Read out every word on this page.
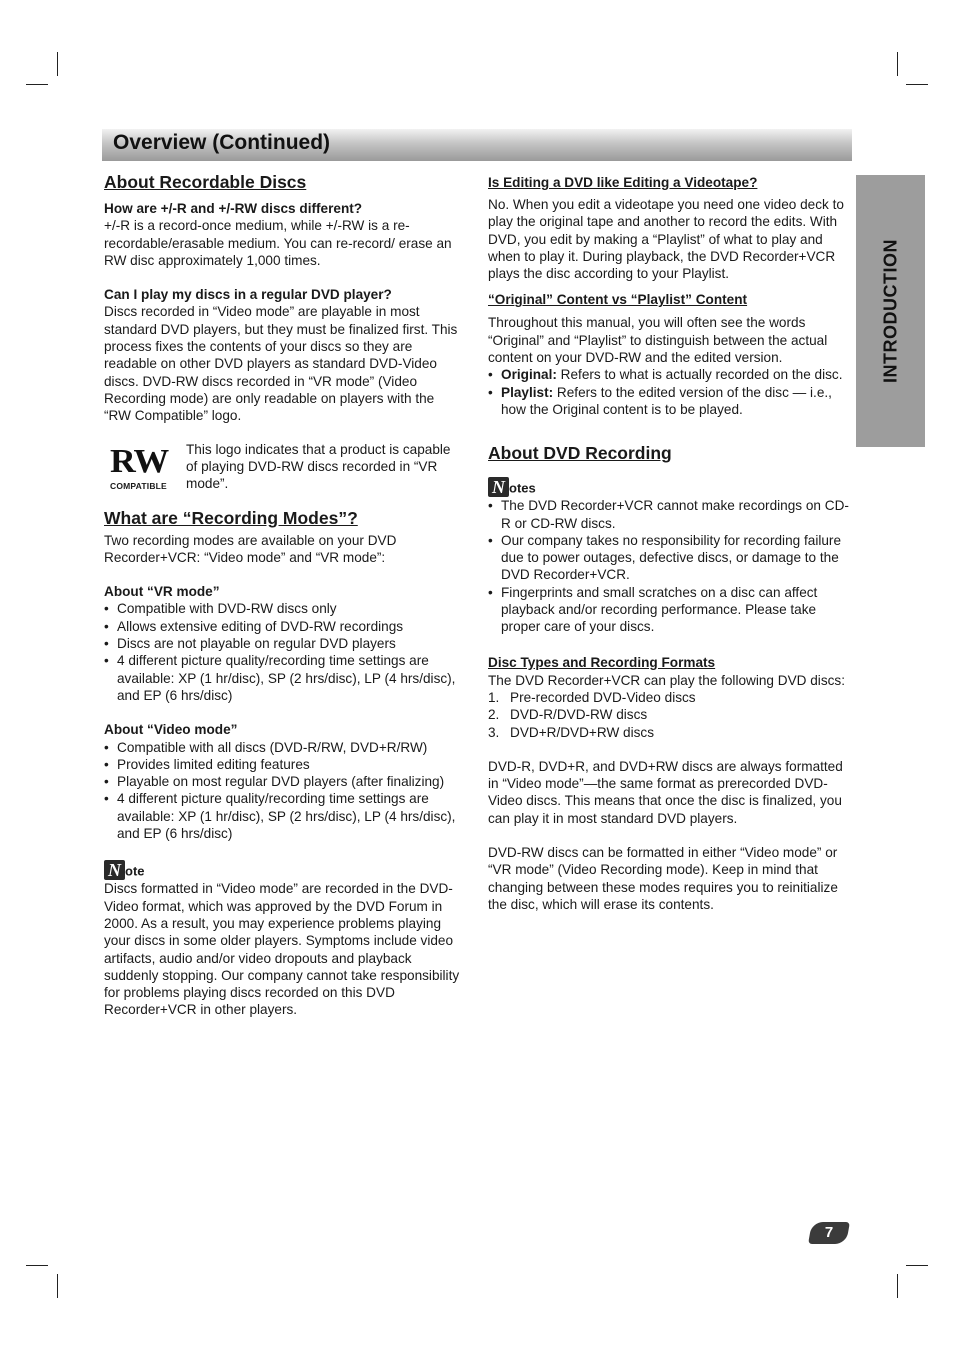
Overview (Continued)
INTRODUCTION
About Recordable Discs

How are +/-R and +/-RW discs different?

+/-R is a record-once medium, while +/-RW is a re-recordable/erasable medium. You can re-record/ erase an RW disc approximately 1,000 times.

Can I play my discs in a regular DVD player?

Discs recorded in “Video mode” are playable in most standard DVD players, but they must be finalized first. This process fixes the contents of your discs so they are readable on other DVD players as standard DVD-Video discs. DVD-RW discs recorded in “VR mode” (Video Recording mode) are only readable on players with the “RW Compatible” logo.

RW
COMPATIBLE

This logo indicates that a product is capable of playing DVD-RW discs recorded in “VR mode”.

What are “Recording Modes”?

Two recording modes are available on your DVD Recorder+VCR: “Video mode” and “VR mode”:

About “VR mode”

• Compatible with DVD-RW discs only
• Allows extensive editing of DVD-RW recordings
• Discs are not playable on regular DVD players
• 4 different picture quality/recording time settings are available: XP (1 hr/disc), SP (2 hrs/disc), LP (4 hrs/disc), and EP (6 hrs/disc)

About “Video mode”

• Compatible with all discs (DVD-R/RW, DVD+R/RW)
• Provides limited editing features
• Playable on most regular DVD players (after finalizing)
• 4 different picture quality/recording time settings are available: XP (1 hr/disc), SP (2 hrs/disc), LP (4 hrs/disc), and EP (6 hrs/disc)
N ote

Discs formatted in “Video mode” are recorded in the DVD-Video format, which was approved by the DVD Forum in 2000. As a result, you may experience problems playing your discs in some older players. Symptoms include video artifacts, audio and/or video dropouts and playback suddenly stopping. Our company cannot take responsibility for problems playing discs recorded on this DVD Recorder+VCR in other players.

Is Editing a DVD like Editing a Videotape?

No. When you edit a videotape you need one video deck to play the original tape and another to record the edits. With DVD, you edit by making a “Playlist” of what to play and when to play it. During playback, the DVD Recorder+VCR plays the disc according to your Playlist.

“Original” Content vs “Playlist” Content

Throughout this manual, you will often see the words “Original” and “Playlist” to distinguish between the actual content on your DVD-RW and the edited version.

• Original: Refers to what is actually recorded on the disc.
• Playlist: Refers to the edited version of the disc — i.e., how the Original content is to be played.
About DVD Recording
N otes
• The DVD Recorder+VCR cannot make recordings on CD-R or CD-RW discs.
• Our company takes no responsibility for recording failure due to power outages, defective discs, or damage to the DVD Recorder+VCR.
• Fingerprints and small scratches on a disc can affect playback and/or recording performance. Please take proper care of your discs.
Disc Types and Recording Formats

The DVD Recorder+VCR can play the following DVD discs:

1. Pre-recorded DVD-Video discs
2. DVD-R/DVD-RW discs
3. DVD+R/DVD+RW discs

DVD-R, DVD+R, and DVD+RW discs are always formatted in “Video mode”—the same format as prerecorded DVD-Video discs. This means that once the disc is finalized, you can play it in most standard DVD players.

DVD-RW discs can be formatted in either “Video mode” or “VR mode” (Video Recording mode). Keep in mind that changing between these modes requires you to reinitialize the disc, which will erase its contents.

7
